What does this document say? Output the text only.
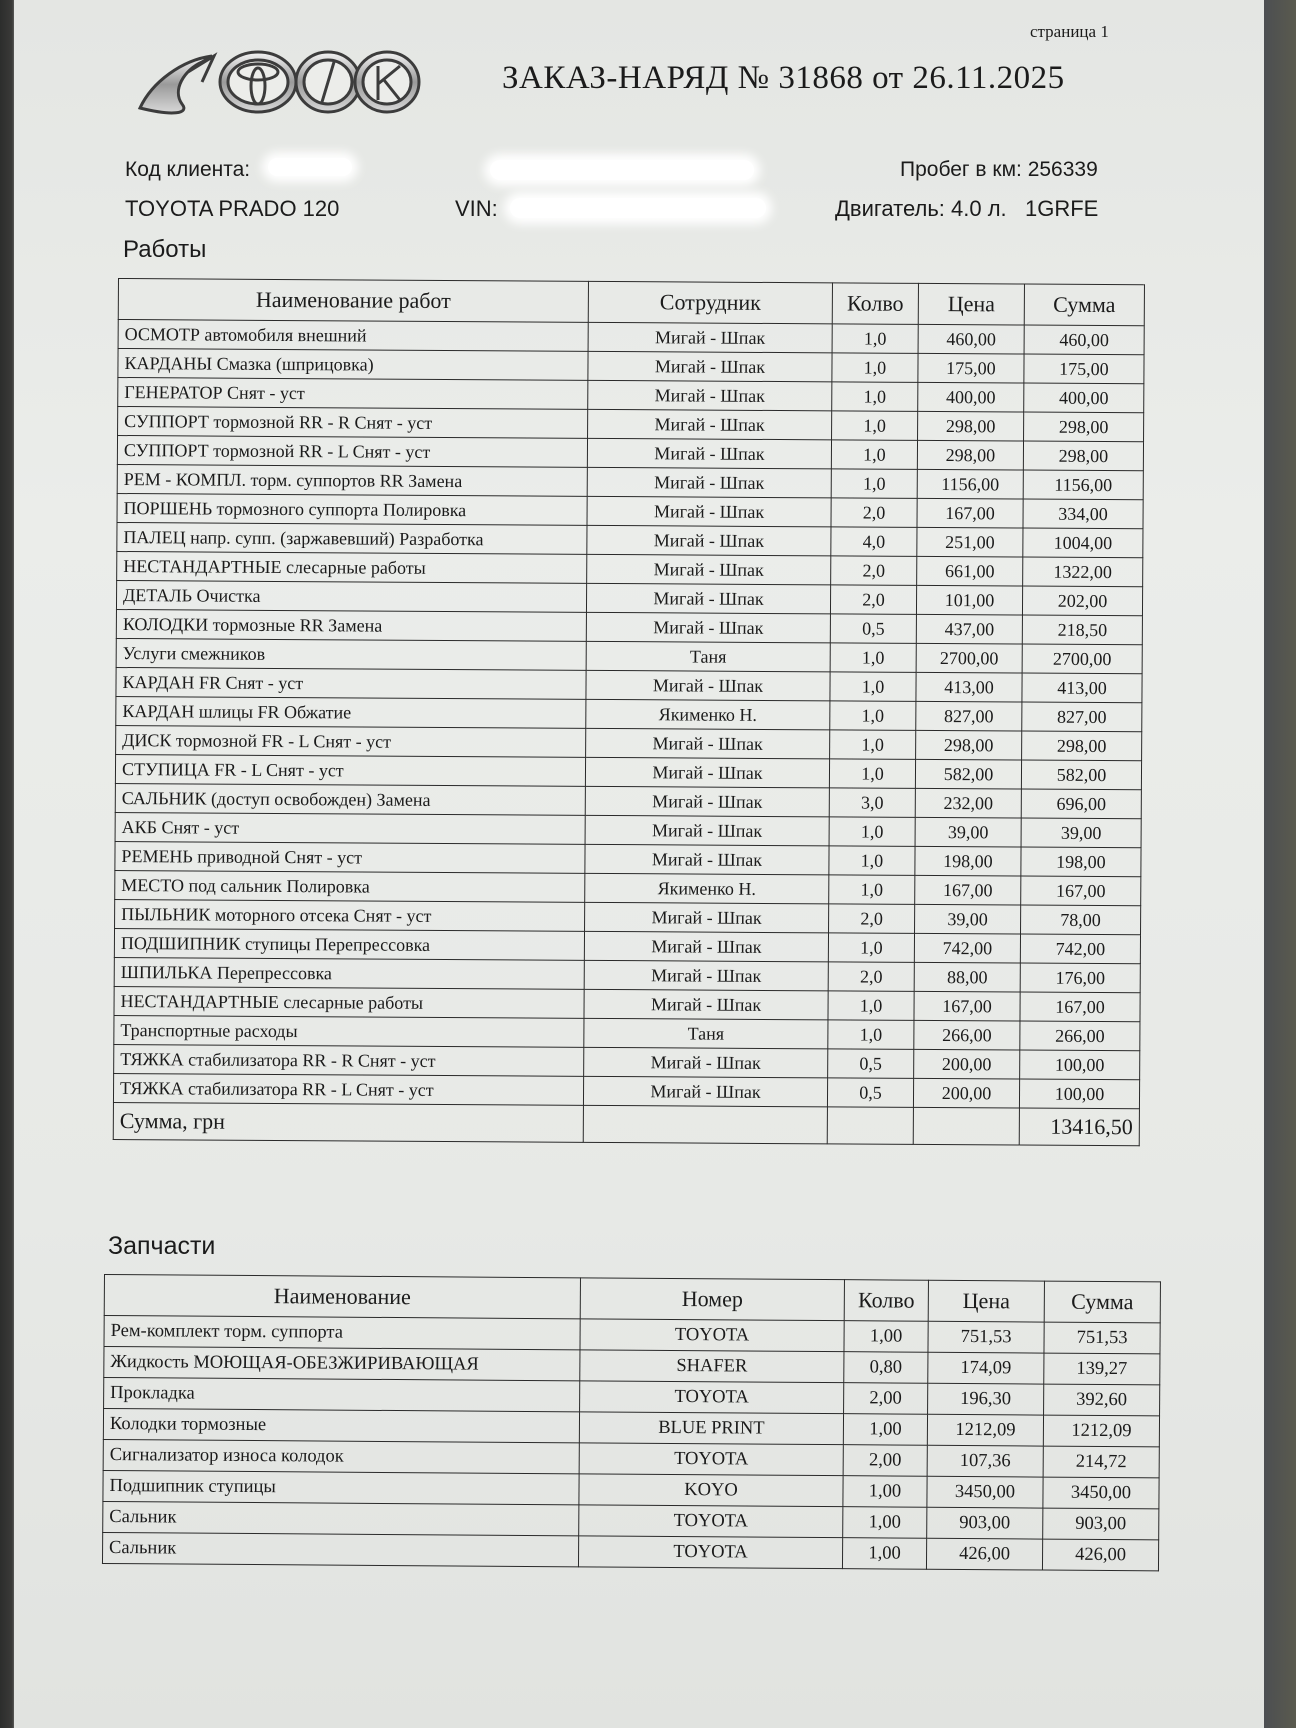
страница 1
ЗАКАЗ-НАРЯД № 31868 от 26.11.2025
Код клиента:	Пробег в км: 256339
TOYOTA PRADO 120	VIN:	Двигатель: 4.0 л.   1GRFE
Работы
Наименование работ	Сотрудник	Колво	Цена	Сумма
ОСМОТР автомобиля внешний	Мигай - Шпак	1,0	460,00	460,00
КАРДАНЫ Смазка (шприцовка)	Мигай - Шпак	1,0	175,00	175,00
ГЕНЕРАТОР Снят - уст	Мигай - Шпак	1,0	400,00	400,00
СУППОРТ тормозной RR - R Снят - уст	Мигай - Шпак	1,0	298,00	298,00
СУППОРТ тормозной RR - L Снят - уст	Мигай - Шпак	1,0	298,00	298,00
РЕМ - КОМПЛ. торм. суппортов RR Замена	Мигай - Шпак	1,0	1156,00	1156,00
ПОРШЕНЬ тормозного суппорта Полировка	Мигай - Шпак	2,0	167,00	334,00
ПАЛЕЦ напр. супп. (заржавевший) Разработка	Мигай - Шпак	4,0	251,00	1004,00
НЕСТАНДАРТНЫЕ слесарные работы	Мигай - Шпак	2,0	661,00	1322,00
ДЕТАЛЬ Очистка	Мигай - Шпак	2,0	101,00	202,00
КОЛОДКИ тормозные RR Замена	Мигай - Шпак	0,5	437,00	218,50
Услуги смежников	Таня	1,0	2700,00	2700,00
КАРДАН FR Снят - уст	Мигай - Шпак	1,0	413,00	413,00
КАРДАН шлицы FR Обжатие	Якименко Н.	1,0	827,00	827,00
ДИСК тормозной FR - L Снят - уст	Мигай - Шпак	1,0	298,00	298,00
СТУПИЦА FR - L Снят - уст	Мигай - Шпак	1,0	582,00	582,00
САЛЬНИК (доступ освобожден) Замена	Мигай - Шпак	3,0	232,00	696,00
АКБ Снят - уст	Мигай - Шпак	1,0	39,00	39,00
РЕМЕНЬ приводной Снят - уст	Мигай - Шпак	1,0	198,00	198,00
МЕСТО под сальник Полировка	Якименко Н.	1,0	167,00	167,00
ПЫЛЬНИК моторного отсека Снят - уст	Мигай - Шпак	2,0	39,00	78,00
ПОДШИПНИК ступицы Перепрессовка	Мигай - Шпак	1,0	742,00	742,00
ШПИЛЬКА Перепрессовка	Мигай - Шпак	2,0	88,00	176,00
НЕСТАНДАРТНЫЕ слесарные работы	Мигай - Шпак	1,0	167,00	167,00
Транспортные расходы	Таня	1,0	266,00	266,00
ТЯЖКА стабилизатора RR - R Снят - уст	Мигай - Шпак	0,5	200,00	100,00
ТЯЖКА стабилизатора RR - L Снят - уст	Мигай - Шпак	0,5	200,00	100,00
Сумма, грн				13416,50
Запчасти
Наименование	Номер	Колво	Цена	Сумма
Рем-комплект торм. суппорта	TOYOTA	1,00	751,53	751,53
Жидкость МОЮЩАЯ-ОБЕЗЖИРИВАЮЩАЯ	SHAFER	0,80	174,09	139,27
Прокладка	TOYOTA	2,00	196,30	392,60
Колодки тормозные	BLUE PRINT	1,00	1212,09	1212,09
Сигнализатор износа колодок	TOYOTA	2,00	107,36	214,72
Подшипник ступицы	KOYO	1,00	3450,00	3450,00
Сальник	TOYOTA	1,00	903,00	903,00
Сальник	TOYOTA	1,00	426,00	426,00
